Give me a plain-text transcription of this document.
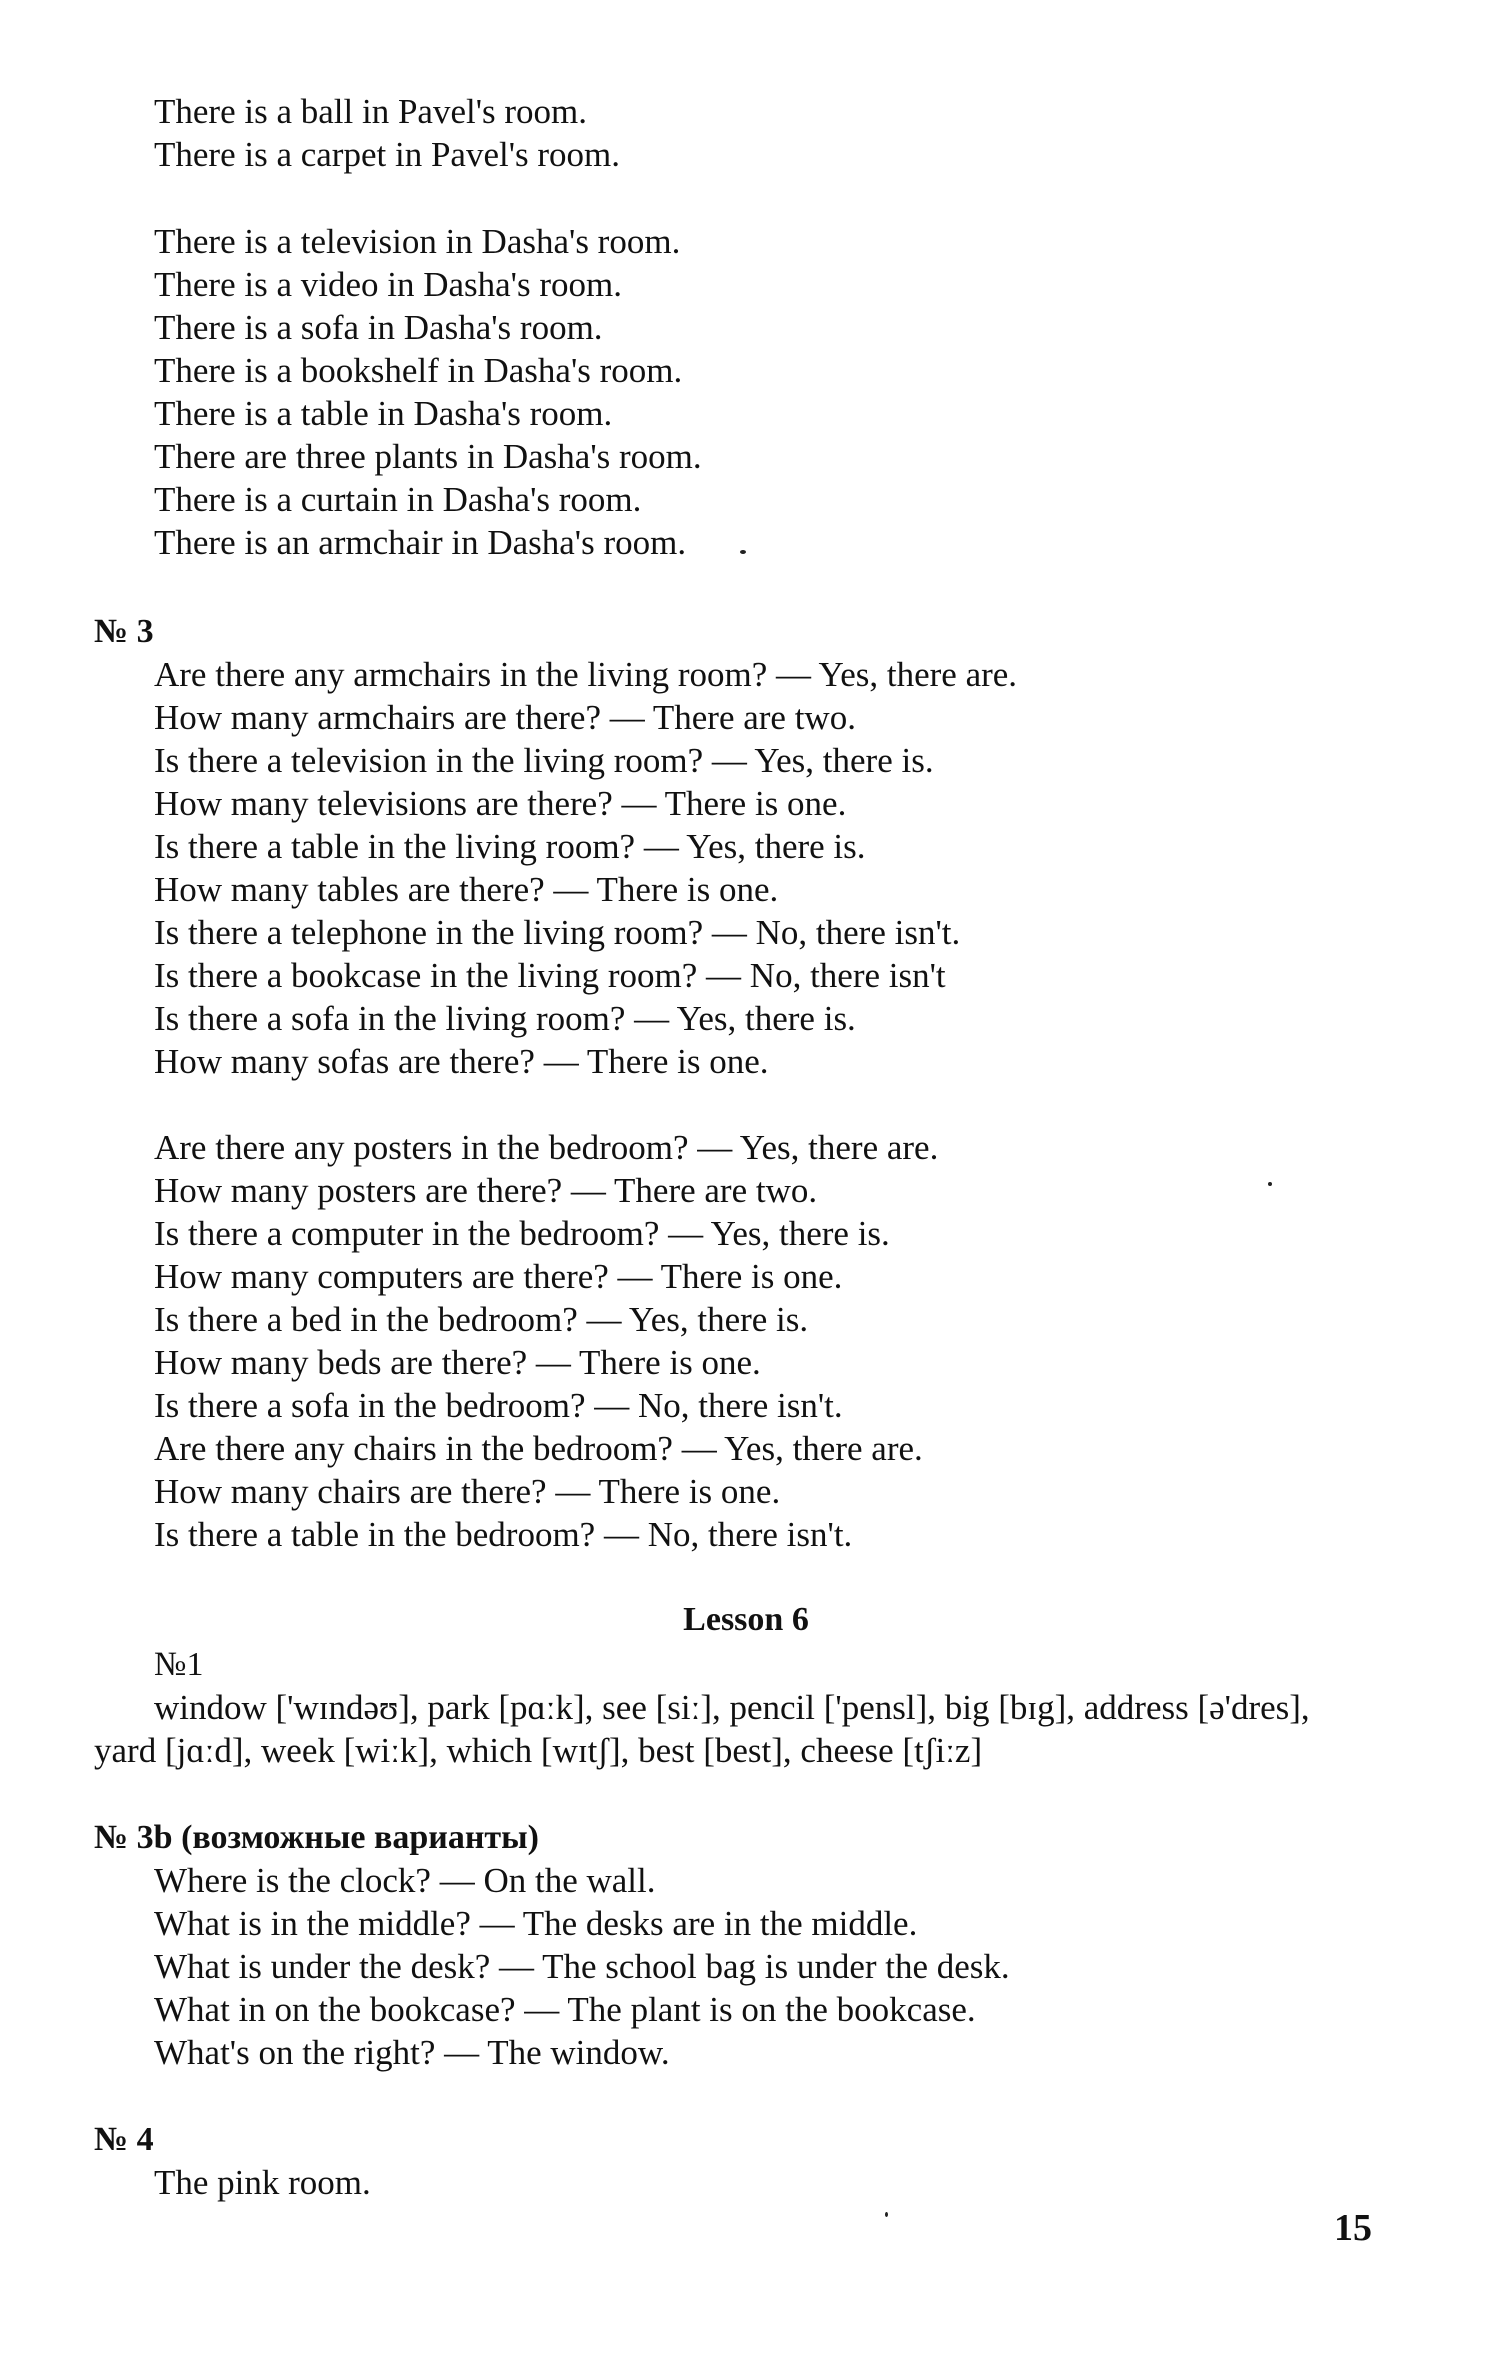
There is a ball in Pavel's room.
There is a carpet in Pavel's room.
There is a television in Dasha's room.
There is a video in Dasha's room.
There is a sofa in Dasha's room.
There is a bookshelf in Dasha's room.
There is a table in Dasha's room.
There are three plants in Dasha's room.
There is a curtain in Dasha's room.
There is an armchair in Dasha's room.
№ 3
Are there any armchairs in the living room? — Yes, there are.
How many armchairs are there? — There are two.
Is there a television in the living room? — Yes, there is.
How many televisions are there? — There is one.
Is there a table in the living room? — Yes, there is.
How many tables are there? — There is one.
Is there a telephone in the living room? — No, there isn't.
Is there a bookcase in the living room? — No, there isn't
Is there a sofa in the living room? — Yes, there is.
How many sofas are there? — There is one.
Are there any posters in the bedroom? — Yes, there are.
How many posters are there? — There are two.
Is there a computer in the bedroom? — Yes, there is.
How many computers are there? — There is one.
Is there a bed in the bedroom? — Yes, there is.
How many beds are there? — There is one.
Is there a sofa in the bedroom? — No, there isn't.
Are there any chairs in the bedroom? — Yes, there are.
How many chairs are there? — There is one.
Is there a table in the bedroom? — No, there isn't.
Lesson 6
№1
window ['wɪndəʊ], park [pɑːk], see [siː], pencil ['pensl], big [bɪg], address [ə'dres],
yard [jɑːd], week [wiːk], which [wɪtʃ], best [best], cheese [tʃiːz]
№ 3b (возможные варианты)
Where is the clock? — On the wall.
What is in the middle? — The desks are in the middle.
What is under the desk? — The school bag is under the desk.
What in on the bookcase? — The plant is on the bookcase.
What's on the right? — The window.
№ 4
The pink room.
15
